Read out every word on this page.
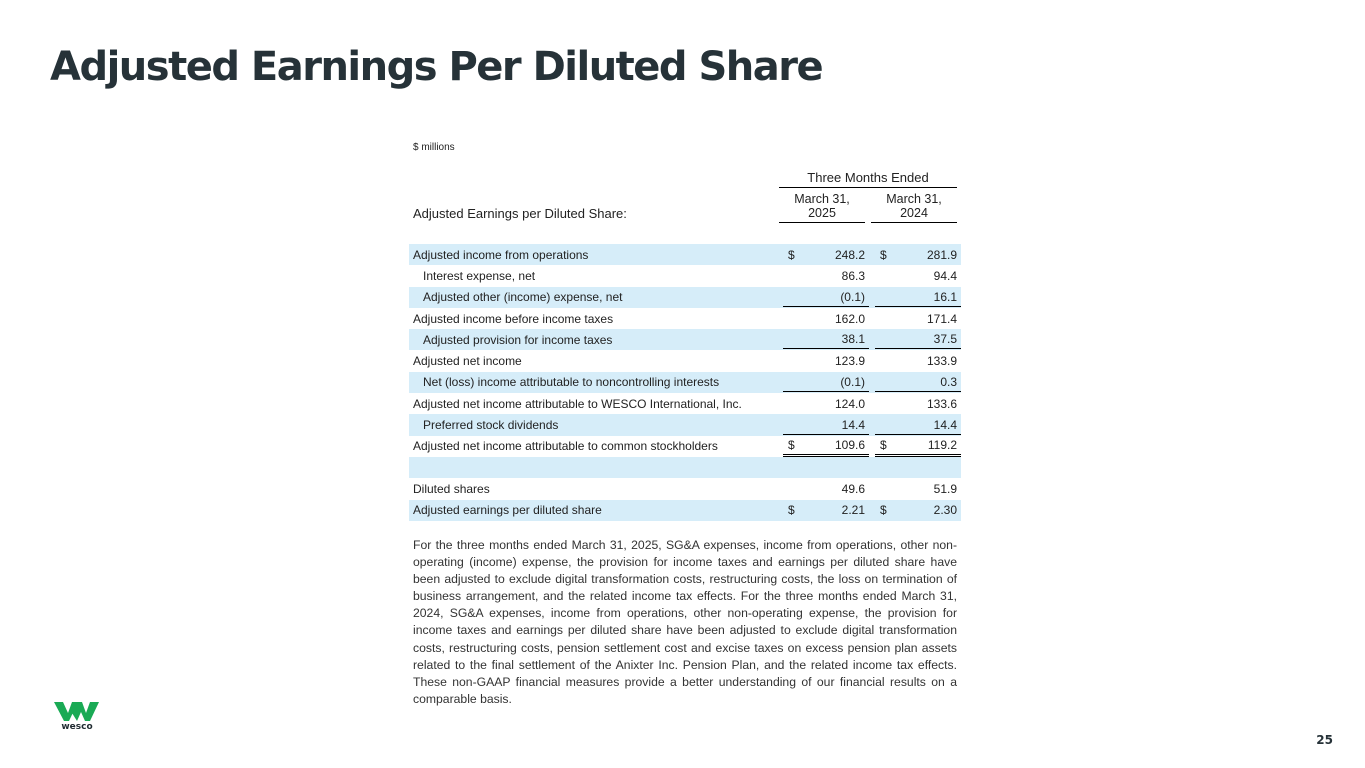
Adjusted Earnings Per Diluted Share
$ millions
Three Months Ended
March 31,
2025
March 31,
2024
Adjusted Earnings per Diluted Share:
Adjusted income from operations		$ 248.2		$ 281.9

Interest expense, net		86.3		94.4

Adjusted other (income) expense, net		(0.1)		16.1

Adjusted income before income taxes		162.0		171.4

Adjusted provision for income taxes		38.1		37.5

Adjusted net income		123.9		133.9

Net (loss) income attributable to noncontrolling interests		(0.1)		0.3

Adjusted net income attributable to WESCO International, Inc.		124.0		133.6

Preferred stock dividends		14.4		14.4

Adjusted net income attributable to common stockholders		$ 109.6		$ 119.2

Diluted shares		49.6		51.9

Adjusted earnings per diluted share		$ 2.21		$ 2.30

For the three months ended March 31, 2025, SG&A expenses, income from operations, other non-operating (income) expense, the provision for income taxes and earnings per diluted share have been adjusted to exclude digital transformation costs, restructuring costs, the loss on termination of business arrangement, and the related income tax effects. For the three months ended March 31, 2024, SG&A expenses, income from operations, other non-operating expense, the provision for income taxes and earnings per diluted share have been adjusted to exclude digital transformation costs, restructuring costs, pension settlement cost and excise taxes on excess pension plan assets related to the final settlement of the Anixter Inc. Pension Plan, and the related income tax effects. These non-GAAP financial measures provide a better understanding of our financial results on a comparable basis.

wesco
25
